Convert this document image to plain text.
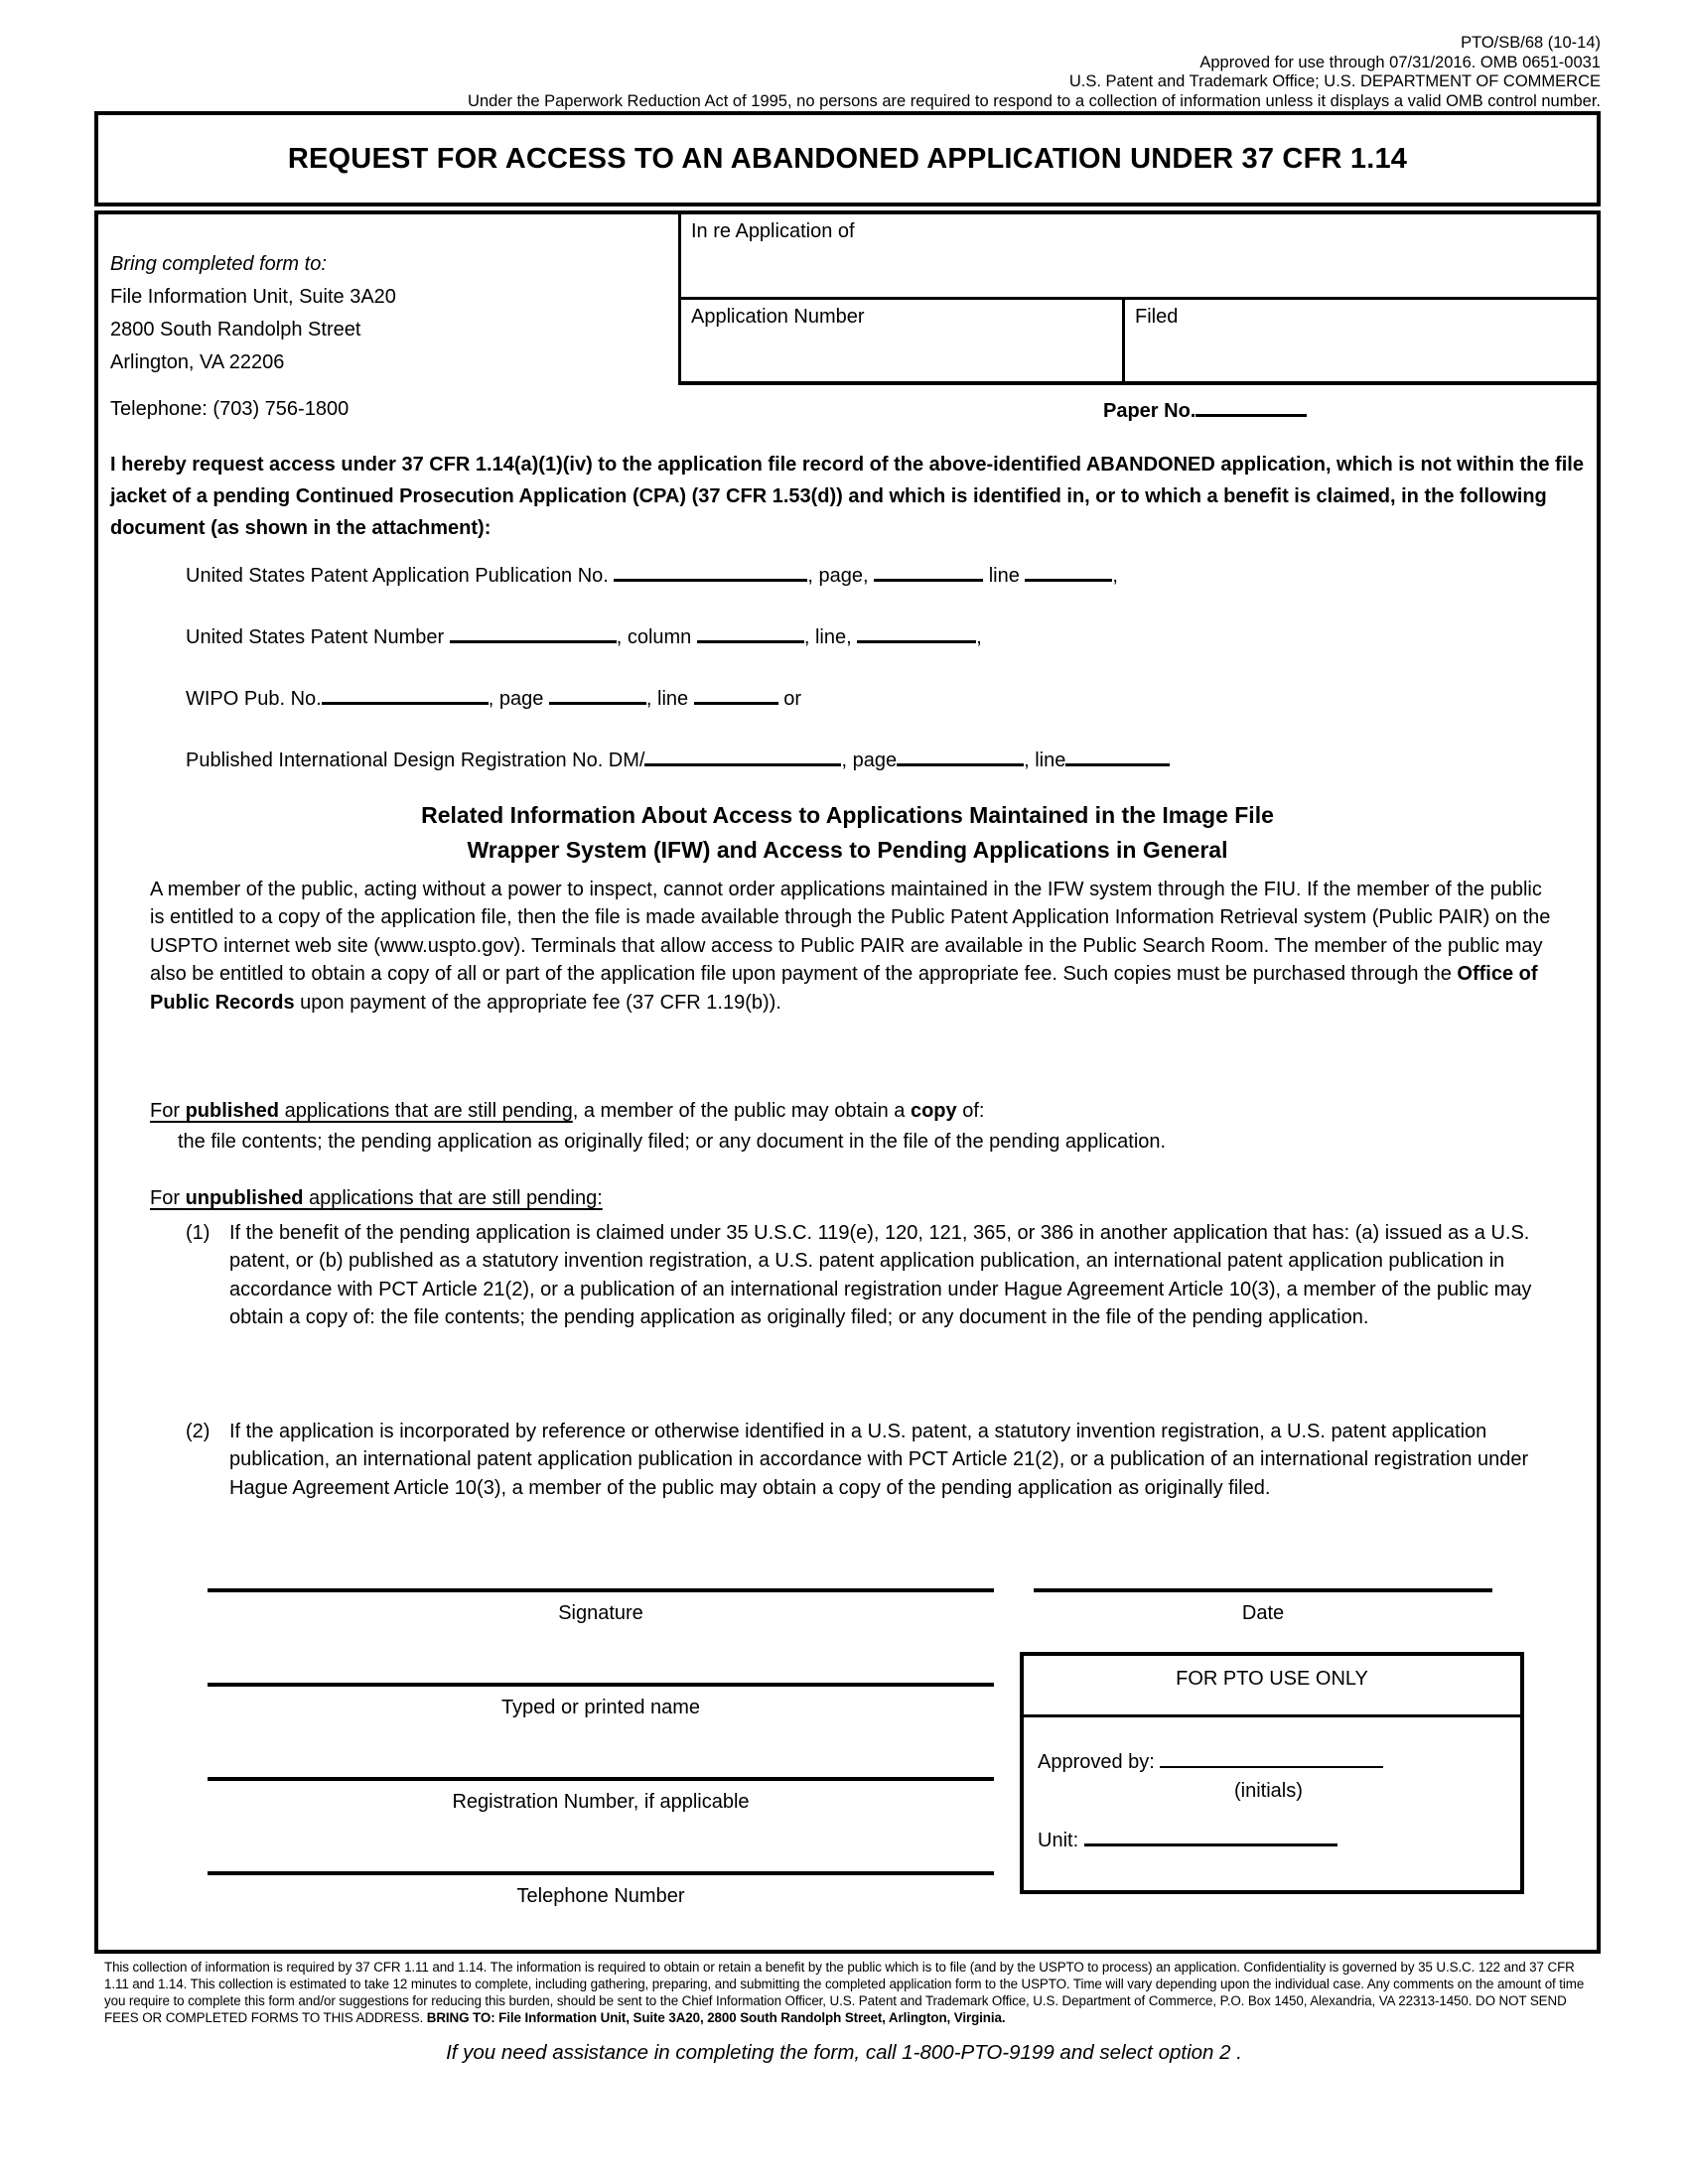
PTO/SB/68 (10-14)
Approved for use through 07/31/2016. OMB 0651-0031
U.S. Patent and Trademark Office; U.S. DEPARTMENT OF COMMERCE
Under the Paperwork Reduction Act of 1995, no persons are required to respond to a collection of information unless it displays a valid OMB control number.
REQUEST FOR ACCESS TO AN ABANDONED APPLICATION UNDER 37 CFR 1.14
Bring completed form to:
File Information Unit, Suite 3A20
2800 South Randolph Street
Arlington, VA 22206
Telephone: (703) 756-1800
In re Application of
Application Number	Filed
Paper No.
I hereby request access under 37 CFR 1.14(a)(1)(iv) to the application file record of the above-identified ABANDONED application, which is not within the file jacket of a pending Continued Prosecution Application (CPA) (37 CFR 1.53(d)) and which is identified in, or to which a benefit is claimed, in the following document (as shown in the attachment):
United States Patent Application Publication No.	, page,	line	,
United States Patent Number	, column	, line,	,
WIPO Pub. No.	, page	, line	or
Published International Design Registration No. DM/	, page	, line
Related Information About Access to Applications Maintained in the Image File
Wrapper System (IFW) and Access to Pending Applications in General
A member of the public, acting without a power to inspect, cannot order applications maintained in the IFW system through the FIU. If the member of the public is entitled to a copy of the application file, then the file is made available through the Public Patent Application Information Retrieval system (Public PAIR) on the USPTO internet web site (www.uspto.gov). Terminals that allow access to Public PAIR are available in the Public Search Room. The member of the public may also be entitled to obtain a copy of all or part of the application file upon payment of the appropriate fee. Such copies must be purchased through the Office of Public Records upon payment of the appropriate fee (37 CFR 1.19(b)).
For published applications that are still pending, a member of the public may obtain a copy of:
the file contents; the pending application as originally filed; or any document in the file of the pending application.
For unpublished applications that are still pending:
(1) If the benefit of the pending application is claimed under 35 U.S.C. 119(e), 120, 121, 365, or 386 in another application that has: (a) issued as a U.S. patent, or (b) published as a statutory invention registration, a U.S. patent application publication, an international patent application publication in accordance with PCT Article 21(2), or a publication of an international registration under Hague Agreement Article 10(3), a member of the public may obtain a copy of: the file contents; the pending application as originally filed; or any document in the file of the pending application.
(2) If the application is incorporated by reference or otherwise identified in a U.S. patent, a statutory invention registration, a U.S. patent application publication, an international patent application publication in accordance with PCT Article 21(2), or a publication of an international registration under Hague Agreement Article 10(3), a member of the public may obtain a copy of the pending application as originally filed.
Signature	Date
Typed or printed name
Registration Number, if applicable
Telephone Number
FOR PTO USE ONLY
Approved by:
(initials)
Unit:
This collection of information is required by 37 CFR 1.11 and 1.14. The information is required to obtain or retain a benefit by the public which is to file (and by the USPTO to process) an application. Confidentiality is governed by 35 U.S.C. 122 and 37 CFR 1.11 and 1.14. This collection is estimated to take 12 minutes to complete, including gathering, preparing, and submitting the completed application form to the USPTO. Time will vary depending upon the individual case. Any comments on the amount of time you require to complete this form and/or suggestions for reducing this burden, should be sent to the Chief Information Officer, U.S. Patent and Trademark Office, U.S. Department of Commerce, P.O. Box 1450, Alexandria, VA 22313-1450. DO NOT SEND FEES OR COMPLETED FORMS TO THIS ADDRESS. BRING TO: File Information Unit, Suite 3A20, 2800 South Randolph Street, Arlington, Virginia.
If you need assistance in completing the form, call 1-800-PTO-9199 and select option 2 .
